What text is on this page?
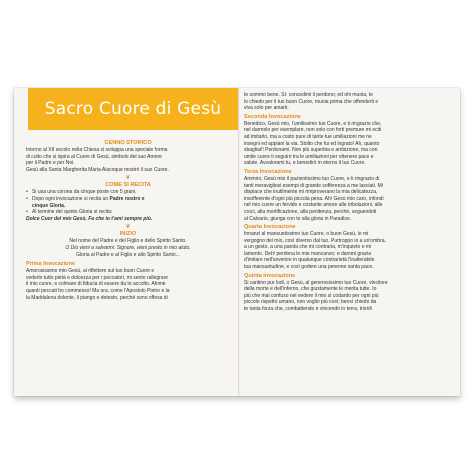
Sacro Cuore di Gesù

CENNO STORICO

Intorno al XII secolo nella Chiesa si sviluppa una speciale forma

di culto che si ispira al Cuore di Gesù, simbolo del suo Amore

per il Padre e per Noi.

Gesù alla Santa Margherita Maria Alacoque mostrò il suo Cuore.

❦

COME SI RECITA

• Si usa una corona da cinque poste con 5 grani.
• Dopo ogni invocazione si recita un Padre nostro e
cinque Gloria.
• Al termine del quinto Gloria si recita:

Dolce Cuor del mio Gesù, Fa che io t'ami sempre più.

❦

INIZIO

Nel nome del Padre e del Figlio e dello Spirito Santo.

O Dio vieni a salvarmi. Signore, vieni presto in mio aiuto.

Gloria al Padre e al Figlio e allo Spirito Santo...

Prima Invocazione

Amorosissimo mio Gesù, al riflettere sul tuo buon Cuore e

vederlo tutto pietà e dolcezza per i peccatori, mi sento rallegrare

il mio cuore, e colmare di fiducia di essere da te accolto. Ahimè

quanti peccati ho commesso! Ma ora, come l'Apostolo Pietro e la

la Maddalena dolente, li piango e detesto, perché sono offesa di

te sommo bene. Sì: concedimi il perdono; ed ohi muoia, te

lo chiedo per il tuo buon Cuore, muoia prima che offenderti e

viva solo per amarti.

Seconda Invocazione

Benedico, Gesù mio, l'umilissimo tuo Cuore, e ti ringrazio che,

nel darmelo per esemplare, non solo con forti premure mi eciti

ad imitarlo, ma a costo pure di tante tue umiliazioni me ne

insegni ed appiani la via. Stolto che fui ed ingrato! Ah, quanto

sbagliai!! Perdonami. Non più superbia e ambizione, ma con

umile cuore ti seguirò tra le umiliazioni per ottenere pace e

salute. Avvalorami tu, e benedirò in eterno il tuo Cuore.

Terza Invocazione

Ammiro, Gesù mio il pazientissimo tuo Cuore, e ti ringrazio di

tanti meravigliosi esempi di grande sofferenza a me lasciati. Mi

dispiace che inutilmente mi rimproverano la mia delicatezza,

insofferente d'ogni più piccola pena. Ah! Gesù mio caro, infondi

nel mio cuore un fervido e costante amore alle tribolazioni, alle

croci, alla mortificazione, alla penitenza, perché, seguendoti

al Calvario, giunga con te alla gloria in Paradiso.

Quarta Invocazione

Innanzi al mansuetissimo tuo Cuore, o buon Gesù, io mi

vergogno del mio, così diverso dal tuo. Purtroppo io a un'ombra,

a un gesto, a una parola che mi contraria, m'inquieto e mi

lamento. Deh! perdona le mie mancanze; e dammi grazia

d'imitare nell'avvenire in qualunque contrarietà l'inalterabile

tua mansuetudine, e così godere una perenne santa pace.

Quinta Invocazione

Si cantino pur lodi, o Gesù, al generosissimo tuo Cuore, vincitore

della morte e dell'inferno, che giustamente le merita tutte. Io

più che mai confuso nel vedere il mio sì codardo per ogni più

piccolo rispetto umano, non voglio più così; bensì chiedo da

te tanta forza che, combattendo e vincendo in terra, trionfi
